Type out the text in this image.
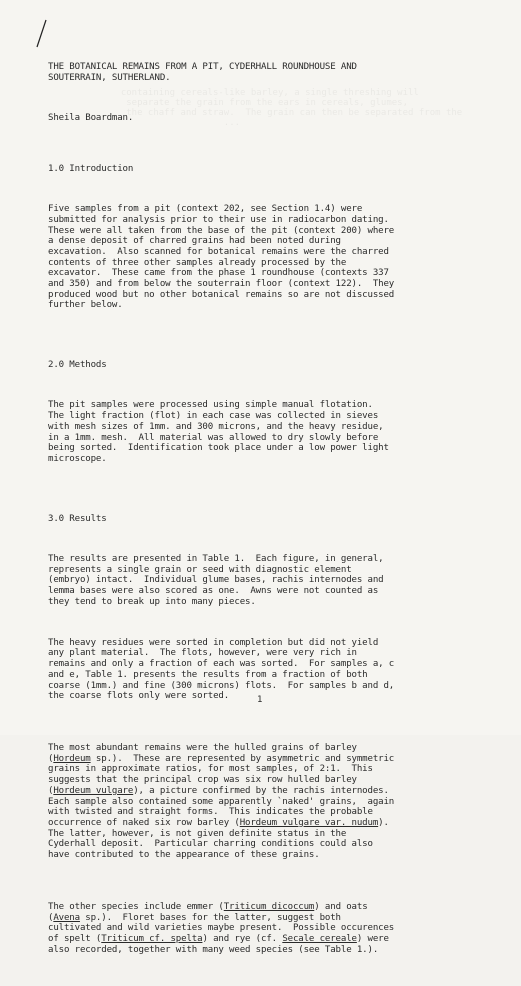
containing cereals-like barley, a single threshing will
separate the grain from the ears in cereals, glumes,
the chaff and straw.  The grain can then be separated from the
...

THE BOTANICAL REMAINS FROM A PIT, CYDERHALL ROUNDHOUSE AND
SOUTERRAIN, SUTHERLAND.

Sheila Boardman.

1.0 Introduction

Five samples from a pit (context 202, see Section 1.4) were
submitted for analysis prior to their use in radiocarbon dating.
These were all taken from the base of the pit (context 200) where
a dense deposit of charred grains had been noted during
excavation.  Also scanned for botanical remains were the charred
contents of three other samples already processed by the
excavator.  These came from the phase 1 roundhouse (contexts 337
and 350) and from below the souterrain floor (context 122).  They
produced wood but no other botanical remains so are not discussed
further below.

2.0 Methods

The pit samples were processed using simple manual flotation.
The light fraction (flot) in each case was collected in sieves
with mesh sizes of 1mm. and 300 microns, and the heavy residue,
in a 1mm. mesh.  All material was allowed to dry slowly before
being sorted.  Identification took place under a low power light
microscope.

3.0 Results

The results are presented in Table 1.  Each figure, in general,
represents a single grain or seed with diagnostic element
(embryo) intact.  Individual glume bases, rachis internodes and
lemma bases were also scored as one.  Awns were not counted as
they tend to break up into many pieces.

The heavy residues were sorted in completion but did not yield
any plant material.  The flots, however, were very rich in
remains and only a fraction of each was sorted.  For samples a, c
and e, Table 1. presents the results from a fraction of both
coarse (1mm.) and fine (300 microns) flots.  For samples b and d,
the coarse flots only were sorted.

The most abundant remains were the hulled grains of barley
(Hordeum sp.).  These are represented by asymmetric and symmetric
grains in approximate ratios, for most samples, of 2:1.  This
suggests that the principal crop was six row hulled barley
(Hordeum vulgare), a picture confirmed by the rachis internodes.
Each sample also contained some apparently `naked' grains,  again
with twisted and straight forms.  This indicates the probable
occurrence of naked six row barley (Hordeum vulgare var. nudum).
The latter, however, is not given definite status in the
Cyderhall deposit.  Particular charring conditions could also
have contributed to the appearance of these grains.

The other species include emmer (Triticum dicoccum) and oats
(Avena sp.).  Floret bases for the latter, suggest both
cultivated and wild varieties maybe present.  Possible occurences
of spelt (Triticum cf. spelta) and rye (cf. Secale cereale) were
also recorded, together with many weed species (see Table 1.).

1
